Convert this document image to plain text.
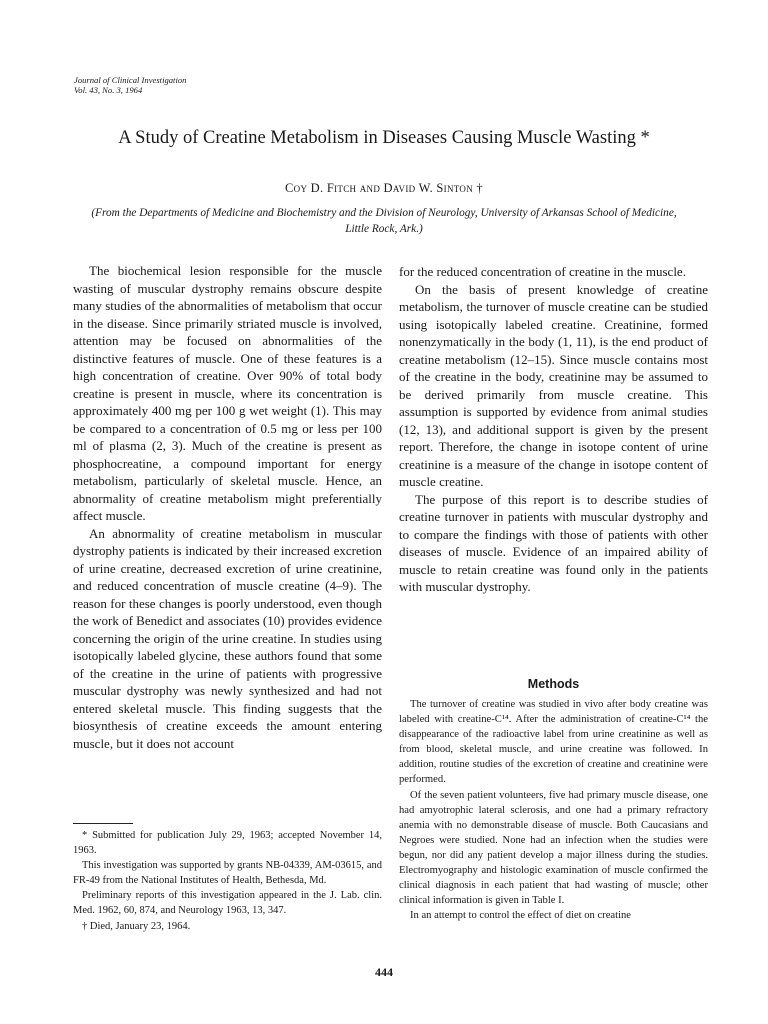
Journal of Clinical Investigation
Vol. 43, No. 3, 1964
A Study of Creatine Metabolism in Diseases Causing Muscle Wasting *
Coy D. Fitch and David W. Sinton †
(From the Departments of Medicine and Biochemistry and the Division of Neurology, University of Arkansas School of Medicine, Little Rock, Ark.)

The biochemical lesion responsible for the muscle wasting of muscular dystrophy remains obscure despite many studies of the abnormalities of metabolism that occur in the disease. Since primarily striated muscle is involved, attention may be focused on abnormalities of the distinctive features of muscle. One of these features is a high concentration of creatine. Over 90% of total body creatine is present in muscle, where its concentration is approximately 400 mg per 100 g wet weight (1). This may be compared to a concentration of 0.5 mg or less per 100 ml of plasma (2, 3). Much of the creatine is present as phosphocreatine, a compound important for energy metabolism, particularly of skeletal muscle. Hence, an abnormality of creatine metabolism might preferentially affect muscle.

An abnormality of creatine metabolism in muscular dystrophy patients is indicated by their increased excretion of urine creatine, decreased excretion of urine creatinine, and reduced concentration of muscle creatine (4–9). The reason for these changes is poorly understood, even though the work of Benedict and associates (10) provides evidence concerning the origin of the urine creatine. In studies using isotopically labeled glycine, these authors found that some of the creatine in the urine of patients with progressive muscular dystrophy was newly synthesized and had not entered skeletal muscle. This finding suggests that the biosynthesis of creatine exceeds the amount entering muscle, but it does not account

for the reduced concentration of creatine in the muscle.

On the basis of present knowledge of creatine metabolism, the turnover of muscle creatine can be studied using isotopically labeled creatine. Creatinine, formed nonenzymatically in the body (1, 11), is the end product of creatine metabolism (12–15). Since muscle contains most of the creatine in the body, creatinine may be assumed to be derived primarily from muscle creatine. This assumption is supported by evidence from animal studies (12, 13), and additional support is given by the present report. Therefore, the change in isotope content of urine creatinine is a measure of the change in isotope content of muscle creatine.

The purpose of this report is to describe studies of creatine turnover in patients with muscular dystrophy and to compare the findings with those of patients with other diseases of muscle. Evidence of an impaired ability of muscle to retain creatine was found only in the patients with muscular dystrophy.

Methods

The turnover of creatine was studied in vivo after body creatine was labeled with creatine-C¹⁴. After the administration of creatine-C¹⁴ the disappearance of the radioactive label from urine creatinine as well as from blood, skeletal muscle, and urine creatine was followed. In addition, routine studies of the excretion of creatine and creatinine were performed.

Of the seven patient volunteers, five had primary muscle disease, one had amyotrophic lateral sclerosis, and one had a primary refractory anemia with no demonstrable disease of muscle. Both Caucasians and Negroes were studied. None had an infection when the studies were begun, nor did any patient develop a major illness during the studies. Electromyography and histologic examination of muscle confirmed the clinical diagnosis in each patient that had wasting of muscle; other clinical information is given in Table I.

In an attempt to control the effect of diet on creatine

* Submitted for publication July 29, 1963; accepted November 14, 1963.

This investigation was supported by grants NB-04339, AM-03615, and FR-49 from the National Institutes of Health, Bethesda, Md.

Preliminary reports of this investigation appeared in the J. Lab. clin. Med. 1962, 60, 874, and Neurology 1963, 13, 347.

† Died, January 23, 1964.

444
